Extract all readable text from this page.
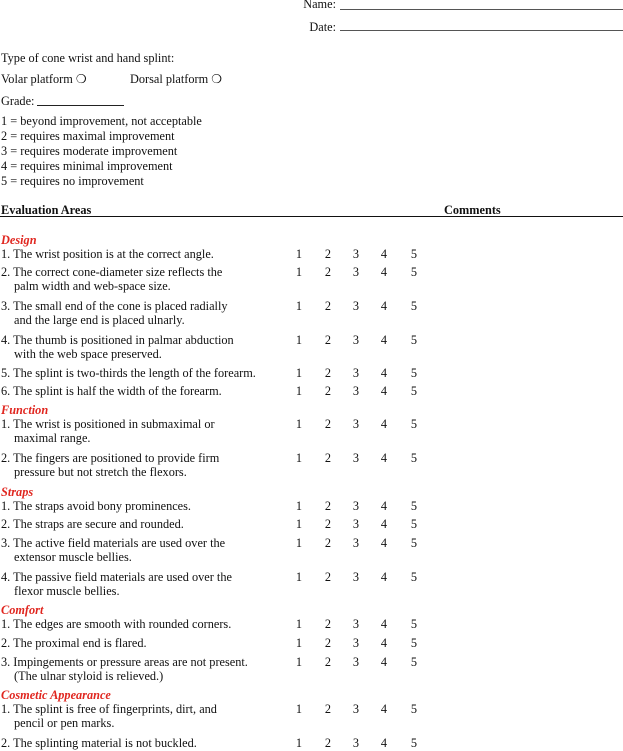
Name:
Date:
Type of cone wrist and hand splint:
Volar platform ❍	Dorsal platform ❍
Grade:
1 = beyond improvement, not acceptable
2 = requires maximal improvement
3 = requires moderate improvement
4 = requires minimal improvement
5 = requires no improvement
Evaluation Areas	Comments
Design
1. The wrist position is at the correct angle.	1	2	3	4	5
2. The correct cone-diameter size reflects the
palm width and web-space size.
1	2	3	4	5
3. The small end of the cone is placed radially
and the large end is placed ulnarly.
1	2	3	4	5
4. The thumb is positioned in palmar abduction
with the web space preserved.
1	2	3	4	5
5. The splint is two-thirds the length of the forearm.	1	2	3	4	5
6. The splint is half the width of the forearm.	1	2	3	4	5
Function
1. The wrist is positioned in submaximal or
maximal range.
1	2	3	4	5
2. The fingers are positioned to provide firm
pressure but not stretch the flexors.
1	2	3	4	5
Straps
1. The straps avoid bony prominences.	1	2	3	4	5
2. The straps are secure and rounded.	1	2	3	4	5
3. The active field materials are used over the
extensor muscle bellies.
1	2	3	4	5
4. The passive field materials are used over the
flexor muscle bellies.
1	2	3	4	5
Comfort
1. The edges are smooth with rounded corners.	1	2	3	4	5
2. The proximal end is flared.	1	2	3	4	5
3. Impingements or pressure areas are not present.
(The ulnar styloid is relieved.)
1	2	3	4	5
Cosmetic Appearance
1. The splint is free of fingerprints, dirt, and
pencil or pen marks.
1	2	3	4	5
2. The splinting material is not buckled.	1	2	3	4	5
